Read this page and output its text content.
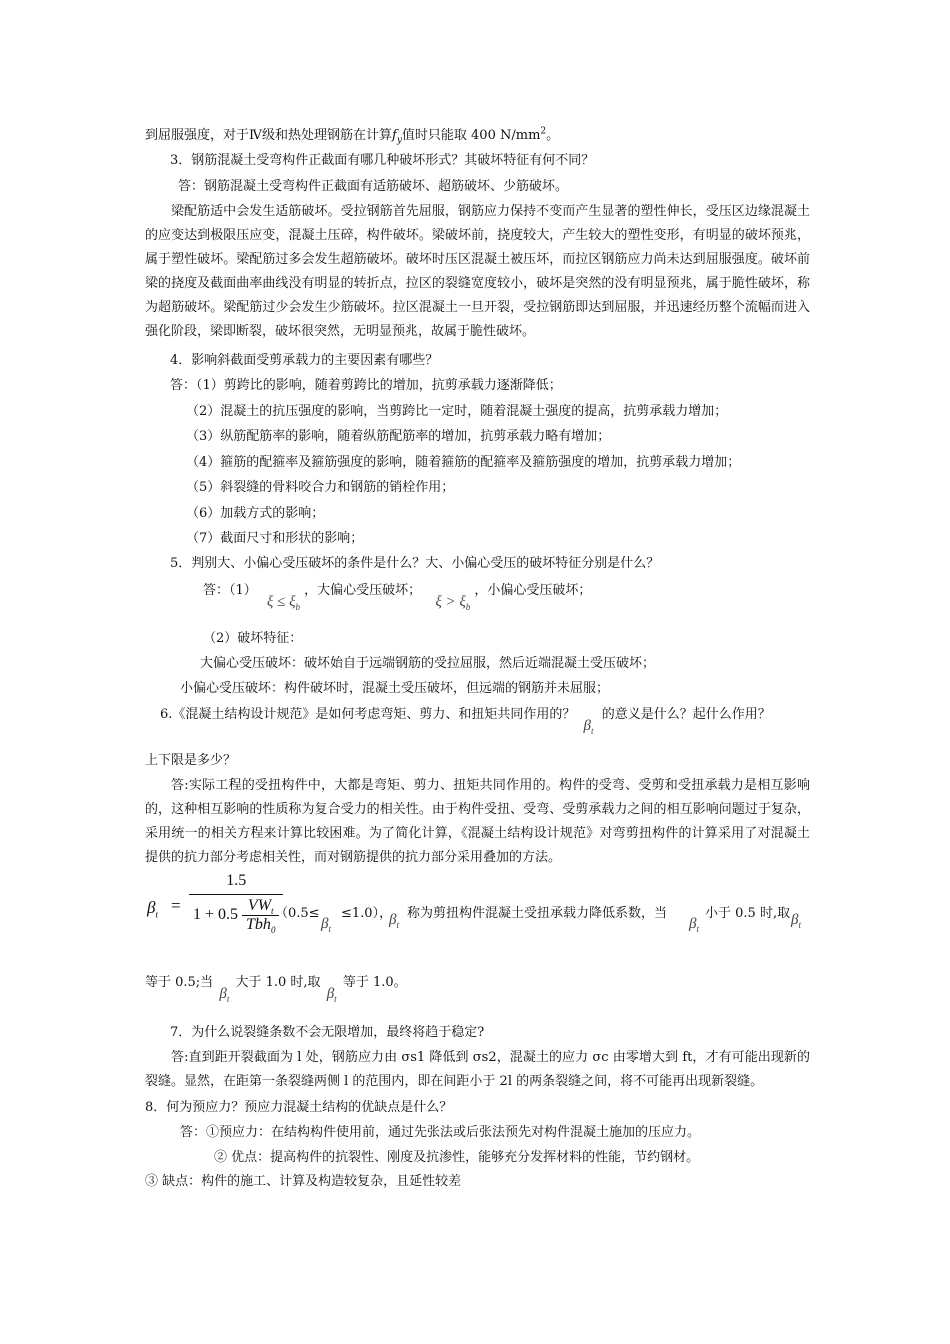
到屈服强度，对于Ⅳ级和热处理钢筋在计算$f_y$值时只能取 400 $N/mm^2$。
3．钢筋混凝土受弯构件正截面有哪几种破坏形式？其破坏特征有何不同？
答：钢筋混凝土受弯构件正截面有适筋破坏、超筋破坏、少筋破坏。
梁配筋适中会发生适筋破坏。受拉钢筋首先屈服，钢筋应力保持不变而产生显著的塑性伸长，受压区边缘混凝土的应变达到极限压应变，混凝土压碎，构件破坏。梁破坏前，挠度较大，产生较大的塑性变形，有明显的破坏预兆，属于塑性破坏。梁配筋过多会发生超筋破坏。破坏时压区混凝土被压坏，而拉区钢筋应力尚未达到屈服强度。破坏前梁的挠度及截面曲率曲线没有明显的转折点，拉区的裂缝宽度较小，破坏是突然的没有明显预兆，属于脆性破坏，称为超筋破坏。梁配筋过少会发生少筋破坏。拉区混凝土一旦开裂，受拉钢筋即达到屈服，并迅速经历整个流幅而进入强化阶段，梁即断裂，破坏很突然，无明显预兆，故属于脆性破坏。
4．影响斜截面受剪承载力的主要因素有哪些？
答：（1）剪跨比的影响，随着剪跨比的增加，抗剪承载力逐渐降低；
（2）混凝土的抗压强度的影响，当剪跨比一定时，随着混凝土强度的提高，抗剪承载力增加；
（3）纵筋配筋率的影响，随着纵筋配筋率的增加，抗剪承载力略有增加；
（4）箍筋的配箍率及箍筋强度的影响，随着箍筋的配箍率及箍筋强度的增加，抗剪承载力增加；
（5）斜裂缝的骨料咬合力和钢筋的销栓作用；
（6）加载方式的影响；
（7）截面尺寸和形状的影响；
5．判别大、小偏心受压破坏的条件是什么？大、小偏心受压的破坏特征分别是什么？
答：（1） $\xi \le \xi_b$ ，大偏心受压破坏； $\xi > \xi_b$ ，小偏心受压破坏；
（2）破坏特征：
大偏心受压破坏：破坏始自于远端钢筋的受拉屈服，然后近端混凝土受压破坏；
小偏心受压破坏：构件破坏时，混凝土受压破坏，但远端的钢筋并未屈服；
6.《混凝土结构设计规范》是如何考虑弯矩、剪力、和扭矩共同作用的？ $\beta_t$ 的意义是什么？起什么作用？
上下限是多少？
答:实际工程的受扭构件中，大都是弯矩、剪力、扭矩共同作用的。构件的受弯、受剪和受扭承载力是相互影响的，这种相互影响的性质称为复合受力的相关性。由于构件受扭、受弯、受剪承载力之间的相互影响问题过于复杂，采用统一的相关方程来计算比较困难。为了简化计算，《混凝土结构设计规范》对弯剪扭构件的计算采用了对混凝土提供的抗力部分考虑相关性，而对钢筋提供的抗力部分采用叠加的方法。
$\beta_t$ =
1.5
$1 + 0.5 \frac{VW_t}{Tbh_0}$
（0.5≤
$\beta_t$
≤1.0），
$\beta_t$
称为剪扭构件混凝土受扭承载力降低系数，当
$\beta_t$
小于 0.5 时,取 $\beta_t$
等于 0.5;当 $\beta_t$ 大于 1.0 时,取 $\beta_t$ 等于 1.0。
7．为什么说裂缝条数不会无限增加，最终将趋于稳定?
答:直到距开裂截面为 l 处，钢筋应力由 σs1 降低到 σs2，混凝土的应力 σc 由零增大到 ft，才有可能出现新的裂缝。显然，在距第一条裂缝两侧 l 的范围内，即在间距小于 2l 的两条裂缝之间，将不可能再出现新裂缝。
8．何为预应力？预应力混凝土结构的优缺点是什么？
答：①预应力：在结构构件使用前，通过先张法或后张法预先对构件混凝土施加的压应力。
② 优点：提高构件的抗裂性、刚度及抗渗性，能够充分发挥材料的性能，节约钢材。
③ 缺点：构件的施工、计算及构造较复杂，且延性较差
